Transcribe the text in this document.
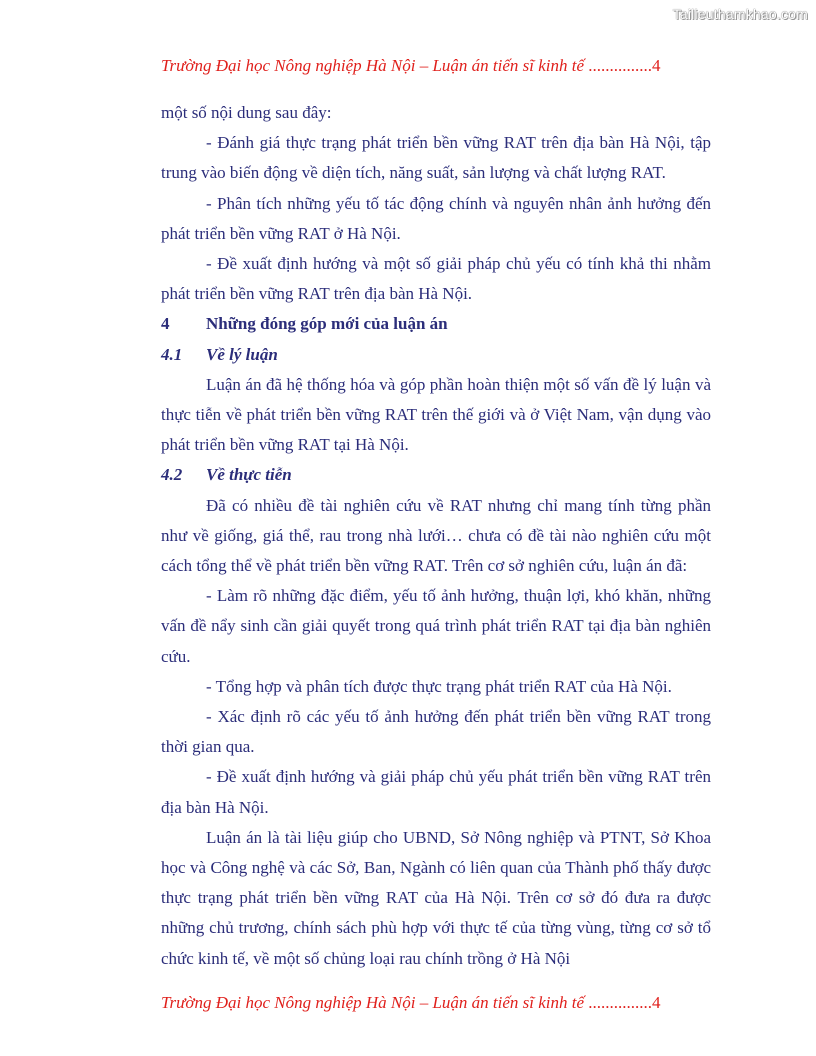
Tailieuthamkhao.com
Trường Đại học Nông nghiệp Hà Nội – Luận án tiến sĩ kinh tế ...............4

một số nội dung sau đây:

- Đánh giá thực trạng phát triển bền vững RAT trên địa bàn Hà Nội, tập trung vào biến động về diện tích, năng suất, sản lượng và chất lượng RAT.

- Phân tích những yếu tố tác động chính và nguyên nhân ảnh hưởng đến phát triển bền vững RAT ở Hà Nội.

- Đề xuất định hướng và một số giải pháp chủ yếu có tính khả thi nhằm phát triển bền vững RAT trên địa bàn Hà Nội.

4 Những đóng góp mới của luận án

4.1 Về lý luận

Luận án đã hệ thống hóa và góp phần hoàn thiện một số vấn đề lý luận và thực tiễn về phát triển bền vững RAT trên thế giới và ở Việt Nam, vận dụng vào phát triển bền vững RAT tại Hà Nội.

4.2 Về thực tiễn

Đã có nhiều đề tài nghiên cứu về RAT nhưng chỉ mang tính từng phần như về giống, giá thể, rau trong nhà lưới… chưa có đề tài nào nghiên cứu một cách tổng thể về phát triển bền vững RAT. Trên cơ sở nghiên cứu, luận án đã:

- Làm rõ những đặc điểm, yếu tố ảnh hưởng, thuận lợi, khó khăn, những vấn đề nẩy sinh cần giải quyết trong quá trình phát triển RAT tại địa bàn nghiên cứu.

- Tổng hợp và phân tích được thực trạng phát triển RAT của Hà Nội.

- Xác định rõ các yếu tố ảnh hưởng đến phát triển bền vững RAT trong thời gian qua.

- Đề xuất định hướng và giải pháp chủ yếu phát triển bền vững RAT trên địa bàn Hà Nội.

Luận án là tài liệu giúp cho UBND, Sở Nông nghiệp và PTNT, Sở Khoa học và Công nghệ và các Sở, Ban, Ngành có liên quan của Thành phố thấy được thực trạng phát triển bền vững RAT của Hà Nội. Trên cơ sở đó đưa ra được những chủ trương, chính sách phù hợp với thực tế của từng vùng, từng cơ sở tổ chức kinh tế, về một số chủng loại rau chính trồng ở Hà Nội

Trường Đại học Nông nghiệp Hà Nội – Luận án tiến sĩ kinh tế ...............4
